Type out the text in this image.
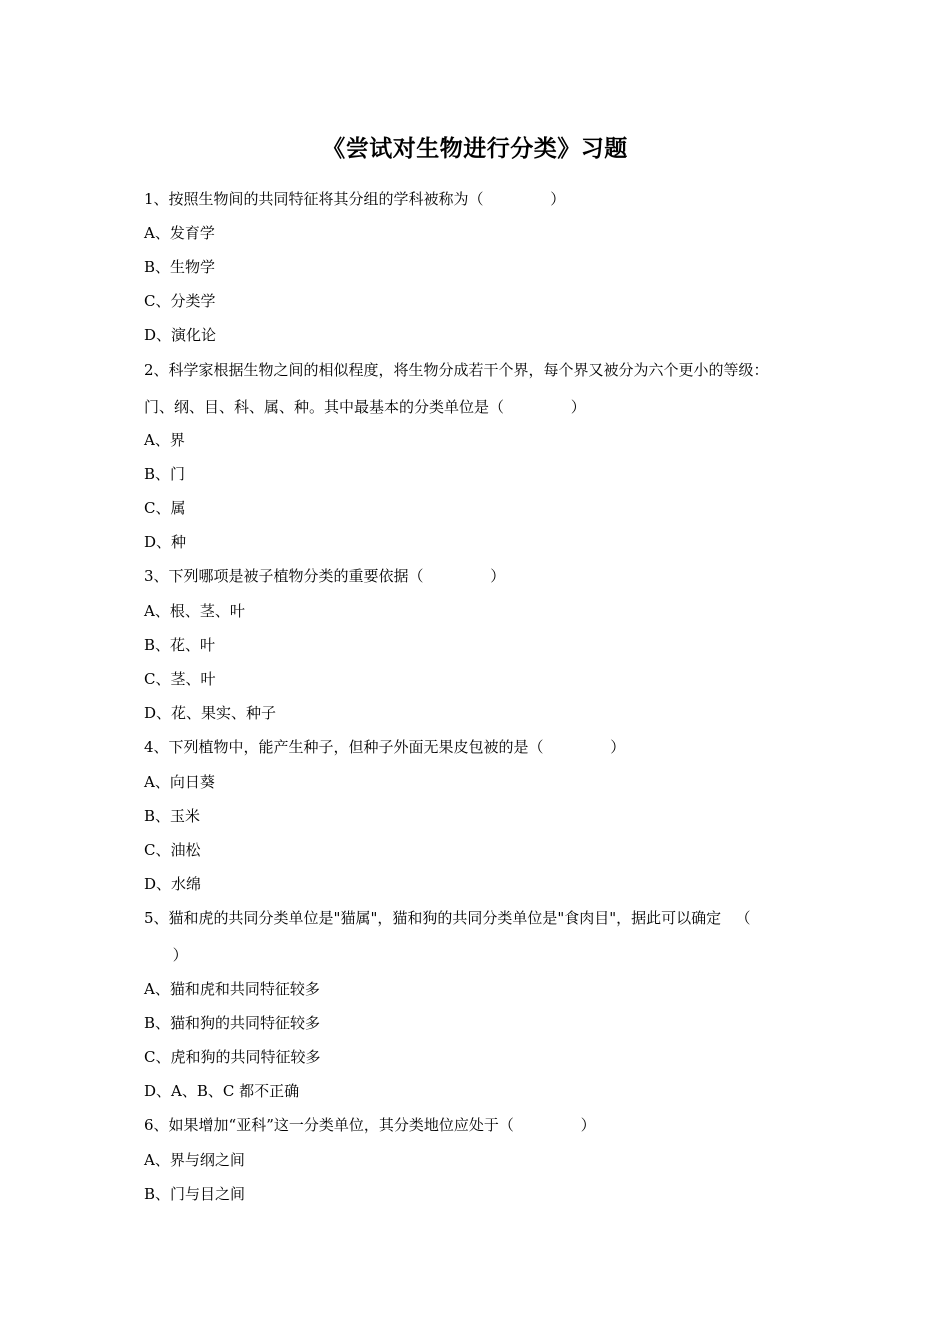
《尝试对生物进行分类》习题
1、按照生物间的共同特征将其分组的学科被称为（              ）
A、发育学
B、生物学
C、分类学
D、演化论
2、科学家根据生物之间的相似程度，将生物分成若干个界，每个界又被分为六个更小的等级：
门、纲、目、科、属、种。其中最基本的分类单位是（              ）
A、界
B、门
C、属
D、种
3、下列哪项是被子植物分类的重要依据（              ）
A、根、茎、叶
B、花、叶
C、茎、叶
D、花、果实、种子
4、下列植物中，能产生种子，但种子外面无果皮包被的是（              ）
A、向日葵
B、玉米
C、油松
D、水绵
5、猫和虎的共同分类单位是"猫属"，猫和狗的共同分类单位是"食肉目"，据此可以确定   （
）
A、猫和虎和共同特征较多
B、猫和狗的共同特征较多
C、虎和狗的共同特征较多
D、A、B、C 都不正确
6、如果增加“亚科”这一分类单位，其分类地位应处于（              ）
A、界与纲之间
B、门与目之间
